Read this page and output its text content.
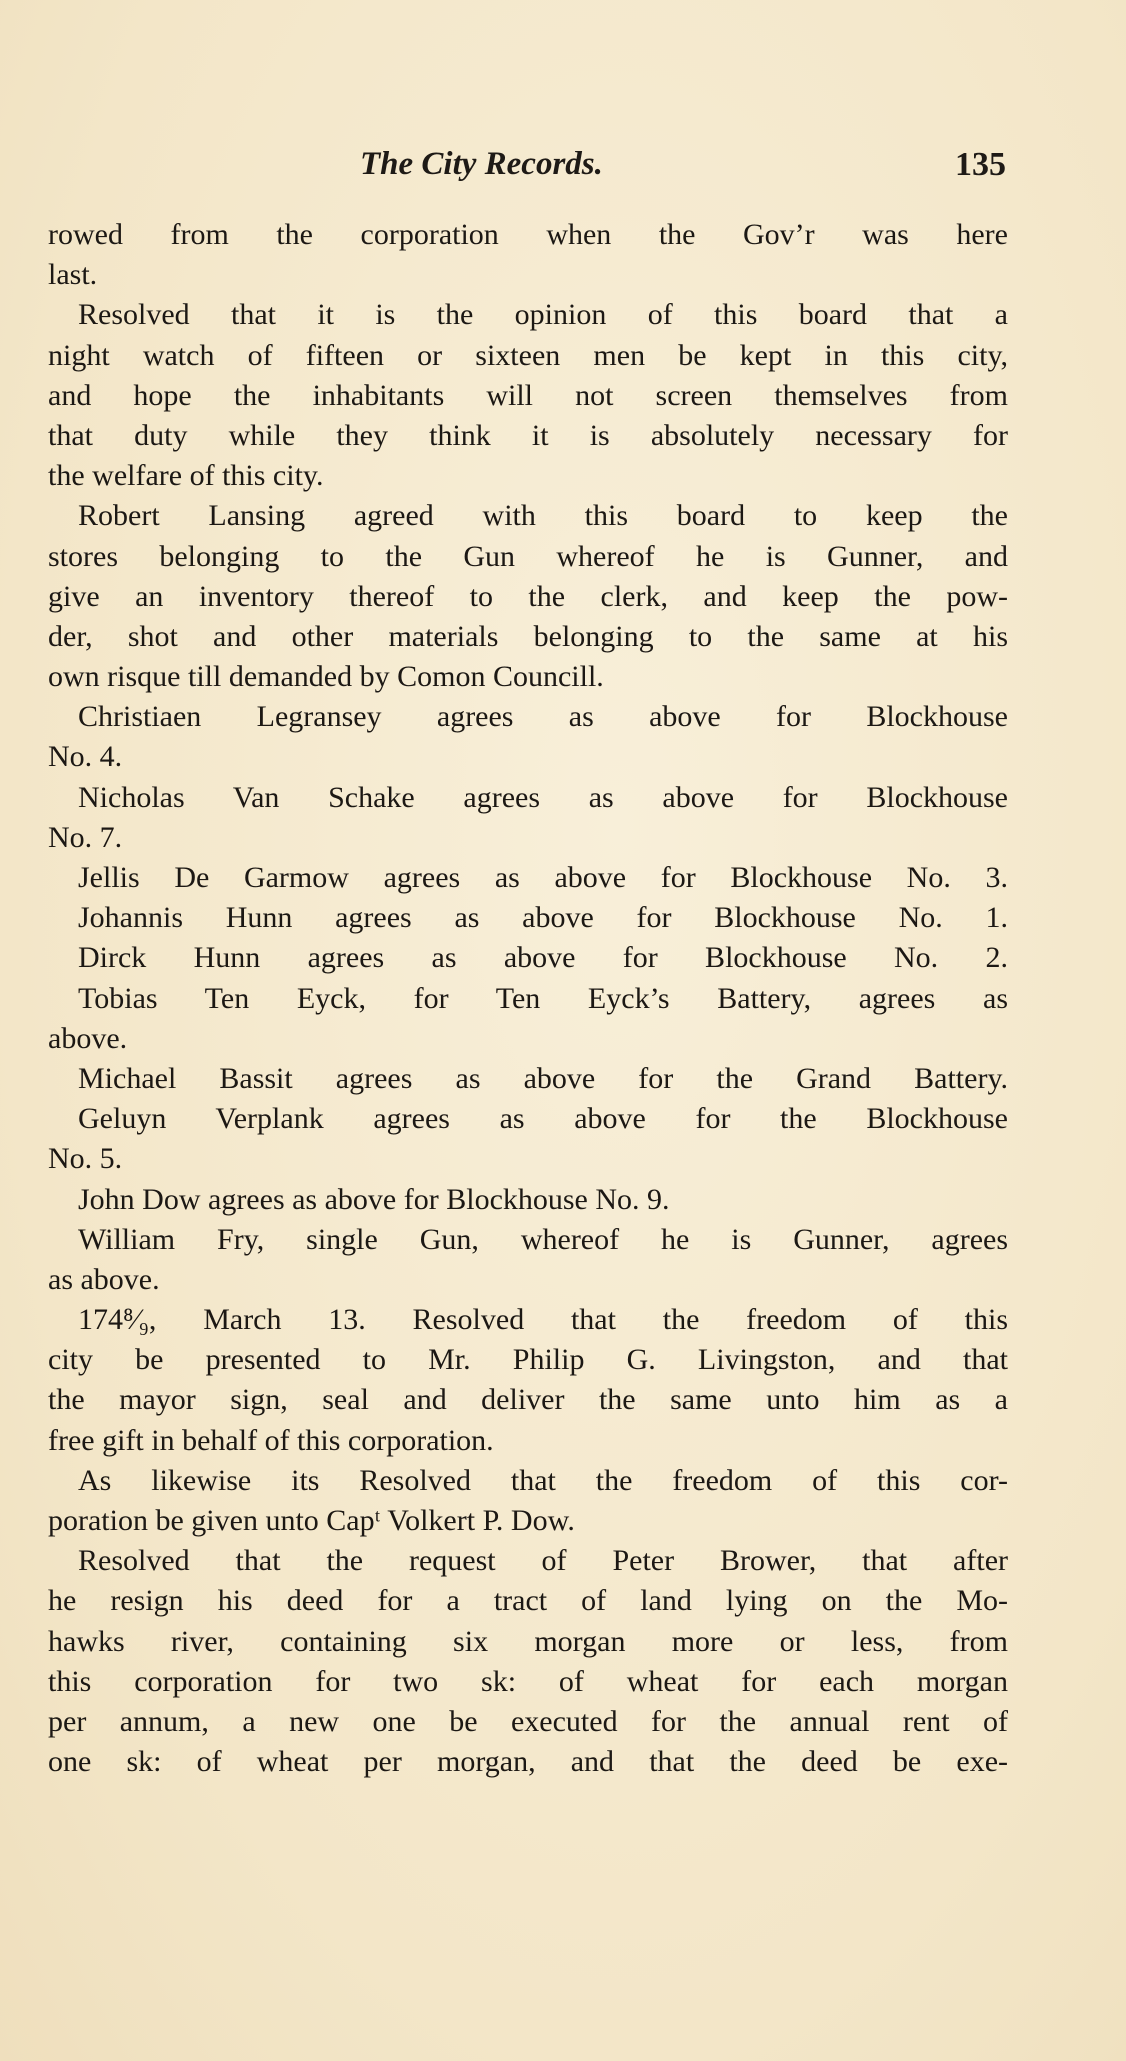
The City Records.	135
rowed from the corporation when the Gov’r was here
last.
Resolved that it is the opinion of this board that a
night watch of fifteen or sixteen men be kept in this city,
and hope the inhabitants will not screen themselves from
that duty while they think it is absolutely necessary for
the welfare of this city.
Robert Lansing agreed with this board to keep the
stores belonging to the Gun whereof he is Gunner, and
give an inventory thereof to the clerk, and keep the pow-
der, shot and other materials belonging to the same at his
own risque till demanded by Comon Councill.
Christiaen Legransey agrees as above for Blockhouse
No. 4.
Nicholas Van Schake agrees as above for Blockhouse
No. 7.
Jellis De Garmow agrees as above for Blockhouse No. 3.
Johannis Hunn agrees as above for Blockhouse No. 1.
Dirck Hunn agrees as above for Blockhouse No. 2.
Tobias Ten Eyck, for Ten Eyck’s Battery, agrees as
above.
Michael Bassit agrees as above for the Grand Battery.
Geluyn Verplank agrees as above for the Blockhouse
No. 5.
John Dow agrees as above for Blockhouse No. 9.
William Fry, single Gun, whereof he is Gunner, agrees
as above.
174⁸⁄₉, March 13. Resolved that the freedom of this
city be presented to Mr. Philip G. Livingston, and that
the mayor sign, seal and deliver the same unto him as a
free gift in behalf of this corporation.
As likewise its Resolved that the freedom of this cor-
poration be given unto Capᵗ Volkert P. Dow.
Resolved that the request of Peter Brower, that after
he resign his deed for a tract of land lying on the Mo-
hawks river, containing six morgan more or less, from
this corporation for two sk: of wheat for each morgan
per annum, a new one be executed for the annual rent of
one sk: of wheat per morgan, and that the deed be exe-
